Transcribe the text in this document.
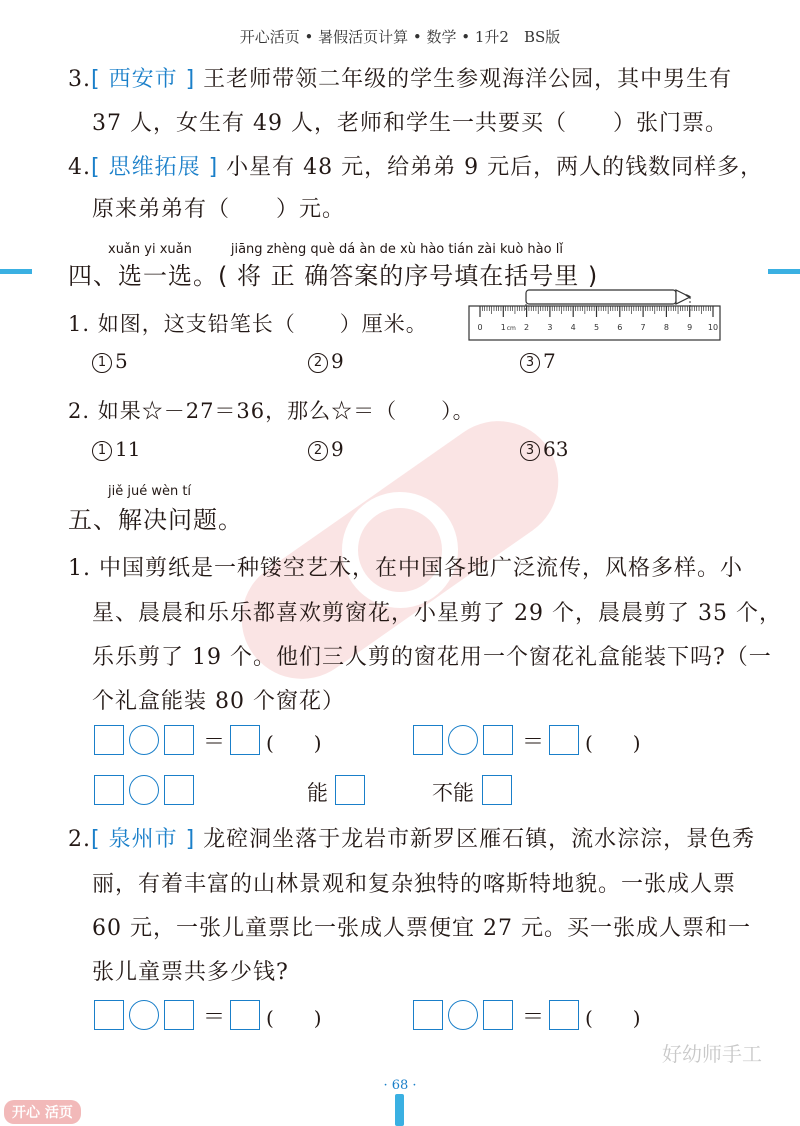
开心活页 • 暑假活页计算 • 数学 • 1升2　BS版
3.[ 西安市 ] 王老师带领二年级的学生参观海洋公园，其中男生有
37 人，女生有 49 人，老师和学生一共要买（　　）张门票。
4.[ 思维拓展 ] 小星有 48 元，给弟弟 9 元后，两人的钱数同样多，
原来弟弟有（　　）元。
xuǎn yi xuǎn　　　jiāng zhèng què dá àn de xù hào tián zài kuò hào lǐ
四、选一选。( 将 正 确答案的序号填在括号里 )
1. 如图，这支铅笔长（　　）厘米。	0 1 cm 2 3 4 5 6 7 8 9 10
1 5	2 9	3 7
2. 如果☆－27＝36，那么☆＝（　　）。
1 11	2 9	3 63
jiě jué wèn tí
五、解决问题。
1. 中国剪纸是一种镂空艺术，在中国各地广泛流传，风格多样。小
星、晨晨和乐乐都喜欢剪窗花，小星剪了 29 个，晨晨剪了 35 个，
乐乐剪了 19 个。他们三人剪的窗花用一个窗花礼盒能装下吗?（一
个礼盒能装 80 个窗花）
＝ (　　)	＝ (　　)
能	不能
2.[ 泉州市 ] 龙硿洞坐落于龙岩市新罗区雁石镇，流水淙淙，景色秀
丽，有着丰富的山林景观和复杂独特的喀斯特地貌。一张成人票
60 元，一张儿童票比一张成人票便宜 27 元。买一张成人票和一
张儿童票共多少钱?
＝ (　　)	＝ (　　)
好幼师手工
· 68 ·
开心 活页
